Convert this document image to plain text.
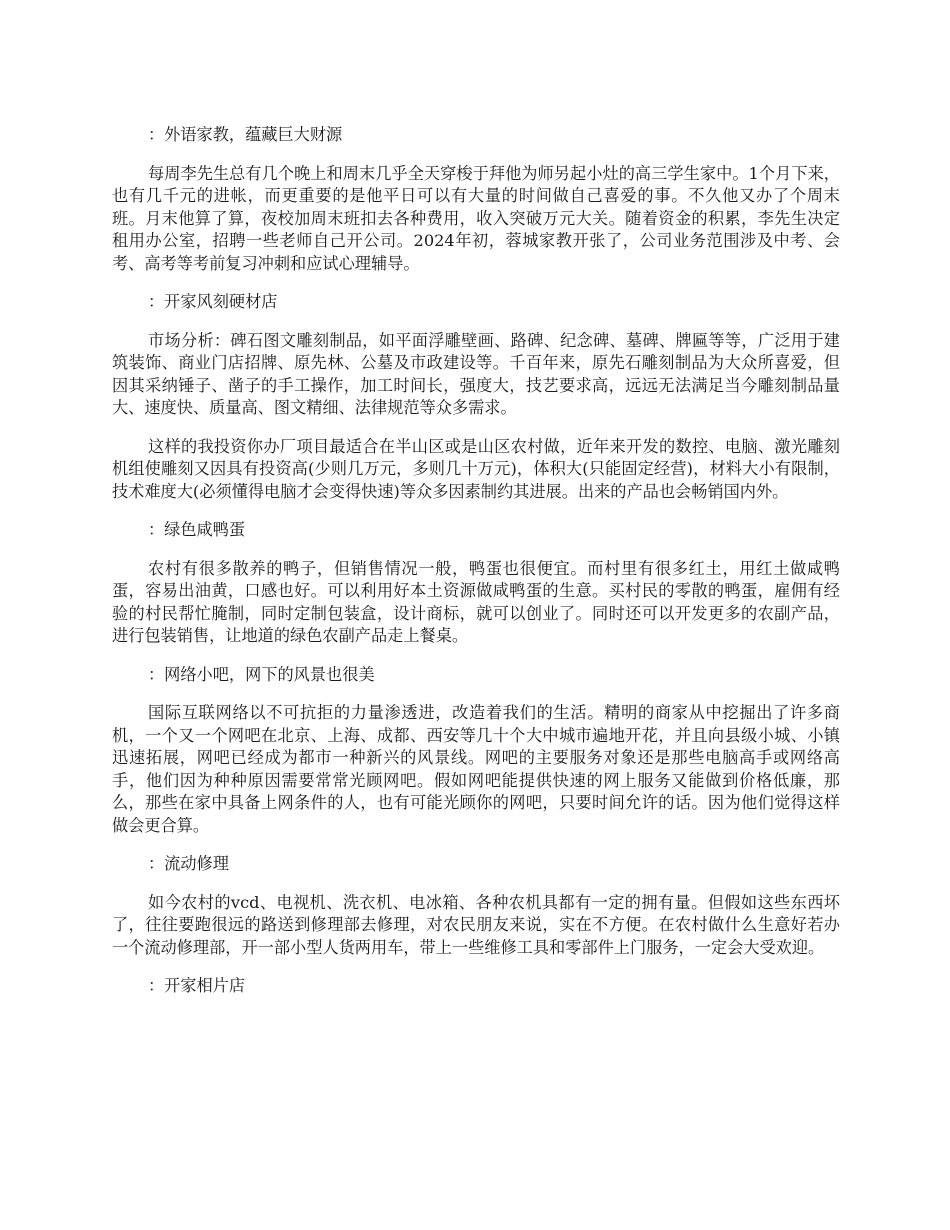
：外语家教，蕴藏巨大财源

每周李先生总有几个晚上和周末几乎全天穿梭于拜他为师另起小灶的高三学生家中。1个月下来，也有几千元的进帐，而更重要的是他平日可以有大量的时间做自己喜爱的事。不久他又办了个周末班。月末他算了算，夜校加周末班扣去各种费用，收入突破万元大关。随着资金的积累，李先生决定租用办公室，招聘一些老师自己开公司。2024年初，蓉城家教开张了，公司业务范围涉及中考、会考、高考等考前复习冲刺和应试心理辅导。

：开家风刻硬材店

市场分析：碑石图文雕刻制品，如平面浮雕壁画、路碑、纪念碑、墓碑、牌匾等等，广泛用于建筑装饰、商业门店招牌、原先林、公墓及市政建设等。千百年来，原先石雕刻制品为大众所喜爱，但因其采纳锤子、凿子的手工操作，加工时间长，强度大，技艺要求高，远远无法满足当今雕刻制品量大、速度快、质量高、图文精细、法律规范等众多需求。

这样的我投资你办厂项目最适合在半山区或是山区农村做，近年来开发的数控、电脑、激光雕刻机组使雕刻又因具有投资高(少则几万元，多则几十万元)，体积大(只能固定经营)，材料大小有限制，技术难度大(必须懂得电脑才会变得快速)等众多因素制约其进展。出来的产品也会畅销国内外。

：绿色咸鸭蛋

农村有很多散养的鸭子，但销售情况一般，鸭蛋也很便宜。而村里有很多红土，用红土做咸鸭蛋，容易出油黄，口感也好。可以利用好本土资源做咸鸭蛋的生意。买村民的零散的鸭蛋，雇佣有经验的村民帮忙腌制，同时定制包装盒，设计商标，就可以创业了。同时还可以开发更多的农副产品，进行包装销售，让地道的绿色农副产品走上餐桌。

：网络小吧，网下的风景也很美

国际互联网络以不可抗拒的力量渗透进，改造着我们的生活。精明的商家从中挖掘出了许多商机，一个又一个网吧在北京、上海、成都、西安等几十个大中城市遍地开花，并且向县级小城、小镇迅速拓展，网吧已经成为都市一种新兴的风景线。网吧的主要服务对象还是那些电脑高手或网络高手，他们因为种种原因需要常常光顾网吧。假如网吧能提供快速的网上服务又能做到价格低廉，那么，那些在家中具备上网条件的人，也有可能光顾你的网吧，只要时间允许的话。因为他们觉得这样做会更合算。

：流动修理

如今农村的vcd、电视机、洗衣机、电冰箱、各种农机具都有一定的拥有量。但假如这些东西坏了，往往要跑很远的路送到修理部去修理，对农民朋友来说，实在不方便。在农村做什么生意好若办一个流动修理部，开一部小型人货两用车，带上一些维修工具和零部件上门服务，一定会大受欢迎。

：开家相片店
